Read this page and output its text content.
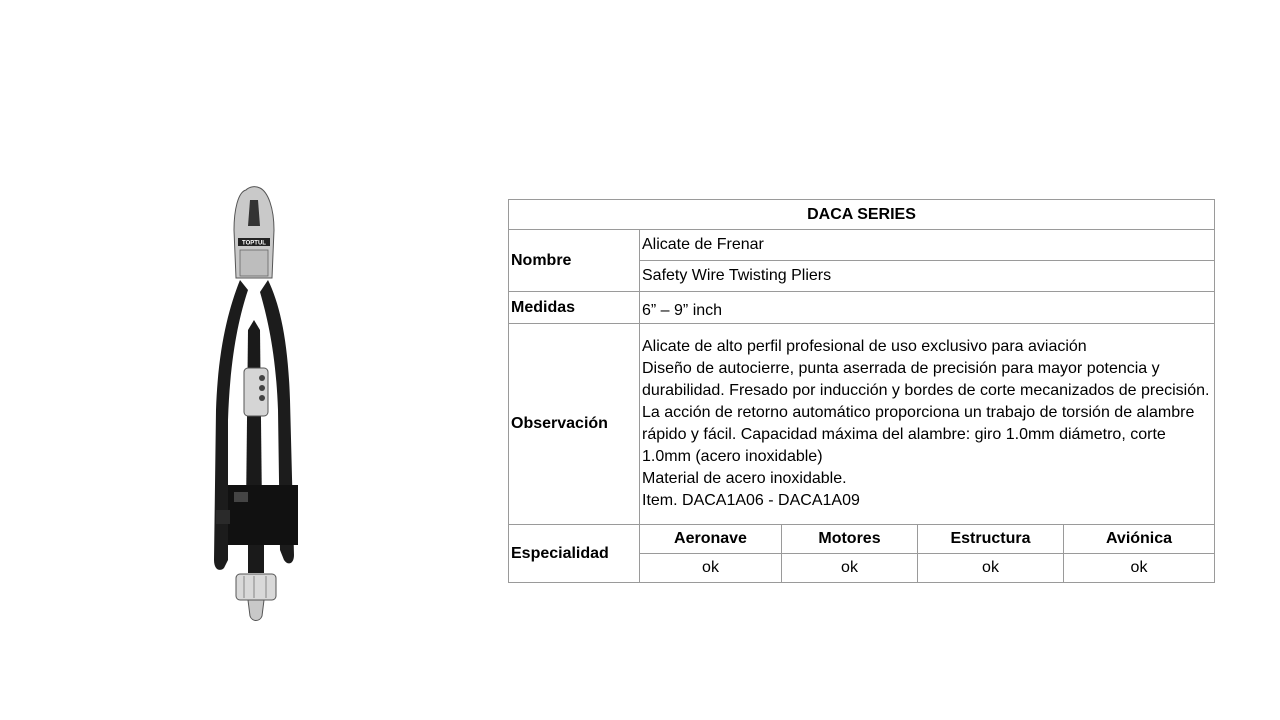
TOPTUL
DACA SERIES				
Nombre	Alicate de Frenar			
	Safety Wire Twisting Pliers			
Medidas	6” – 9” inch			
Observación	Alicate de alto perfil profesional de uso exclusivo para aviación
Diseño de autocierre, punta aserrada de precisión para mayor potencia y durabilidad. Fresado por inducción y bordes de corte mecanizados de precisión.
La acción de retorno automático proporciona un trabajo de torsión de alambre rápido y fácil. Capacidad máxima del alambre: giro 1.0mm diámetro, corte 1.0mm (acero inoxidable)
Material de acero inoxidable.
Item. DACA1A06 - DACA1A09			

Especialidad	Aeronave	Motores	Estructura	Aviónica
	ok	ok	ok	ok
